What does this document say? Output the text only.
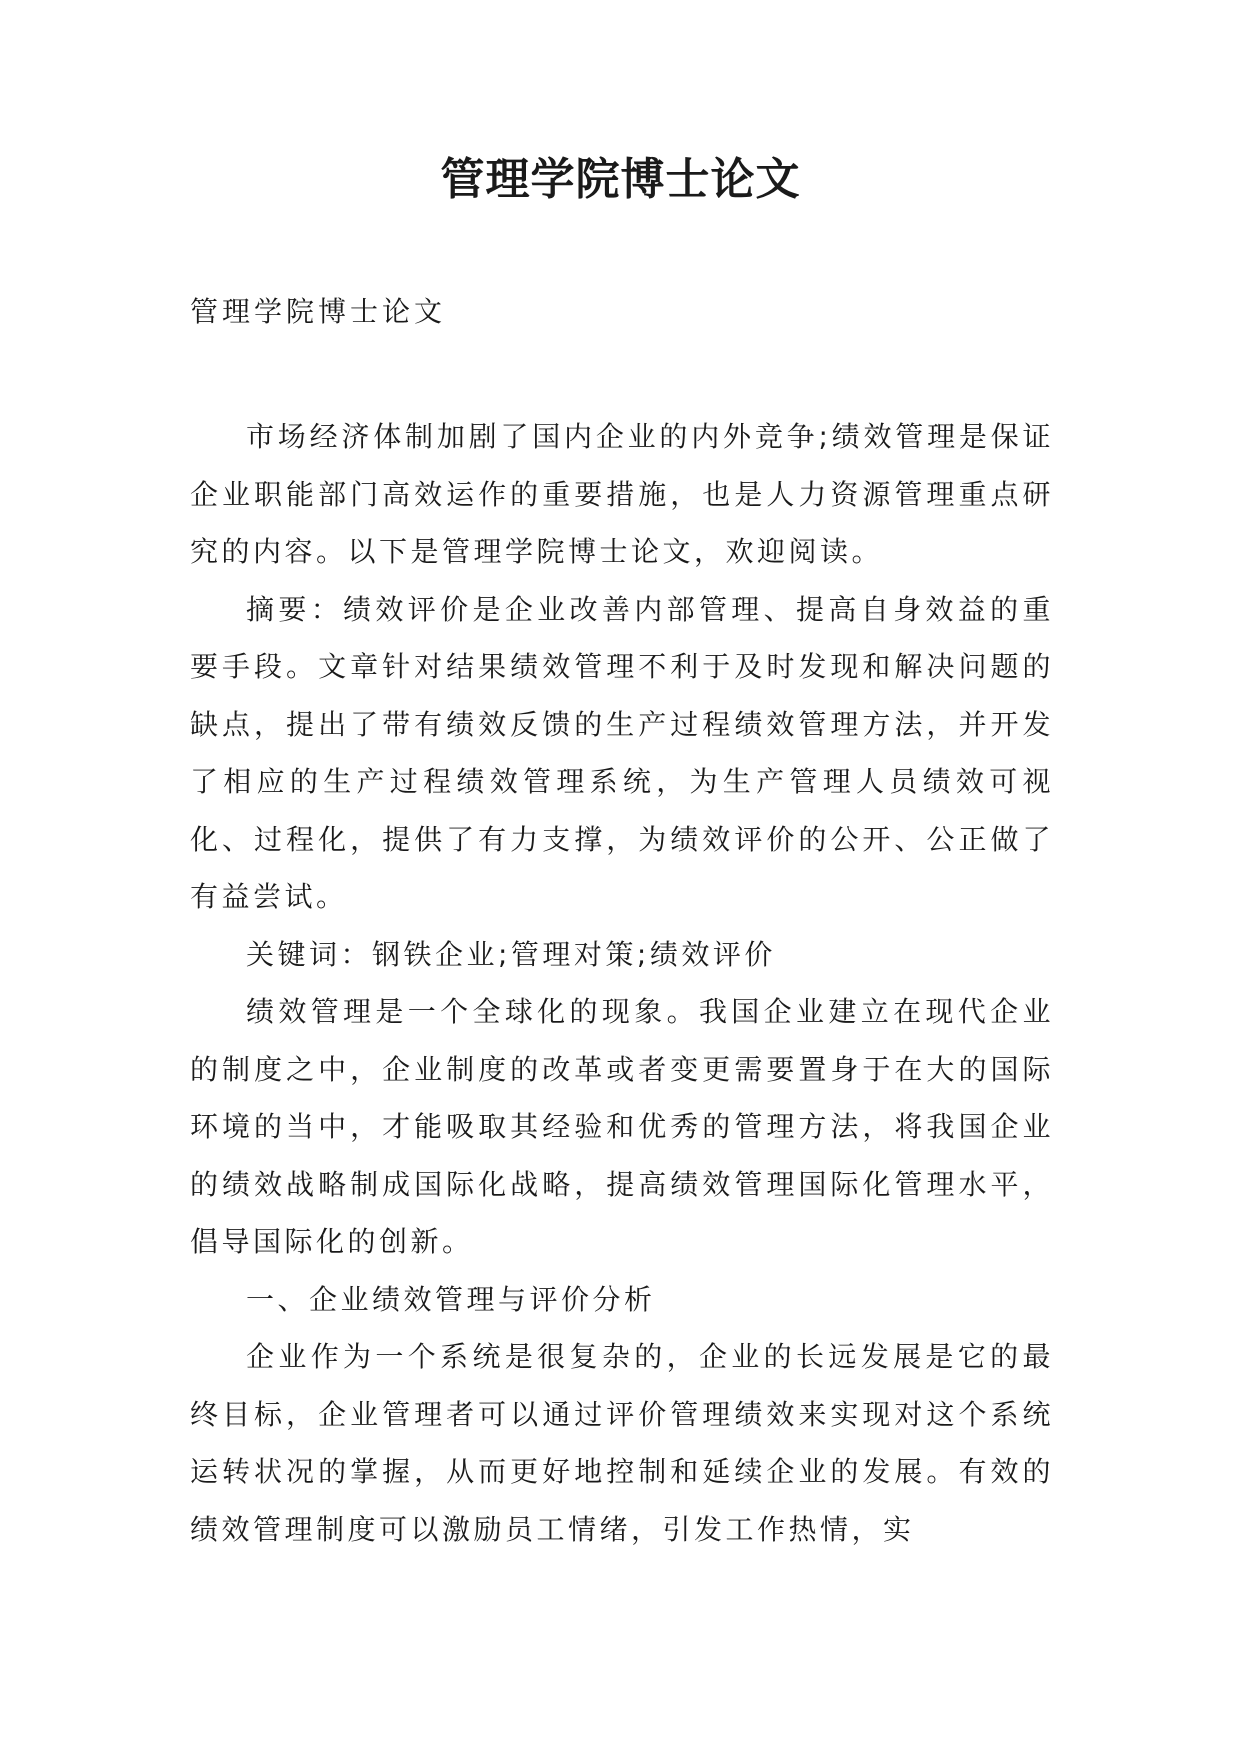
管理学院博士论文
管理学院博士论文

市场经济体制加剧了国内企业的内外竞争;绩效管理是保证企业职能部门高效运作的重要措施，也是人力资源管理重点研究的内容。以下是管理学院博士论文，欢迎阅读。

摘要：绩效评价是企业改善内部管理、提高自身效益的重要手段。文章针对结果绩效管理不利于及时发现和解决问题的缺点，提出了带有绩效反馈的生产过程绩效管理方法，并开发了相应的生产过程绩效管理系统，为生产管理人员绩效可视化、过程化，提供了有力支撑，为绩效评价的公开、公正做了有益尝试。

关键词：钢铁企业;管理对策;绩效评价

绩效管理是一个全球化的现象。我国企业建立在现代企业的制度之中，企业制度的改革或者变更需要置身于在大的国际环境的当中，才能吸取其经验和优秀的管理方法，将我国企业的绩效战略制成国际化战略，提高绩效管理国际化管理水平，倡导国际化的创新。

一、企业绩效管理与评价分析

企业作为一个系统是很复杂的，企业的长远发展是它的最终目标，企业管理者可以通过评价管理绩效来实现对这个系统运转状况的掌握，从而更好地控制和延续企业的发展。有效的绩效管理制度可以激励员工情绪，引发工作热情，实
